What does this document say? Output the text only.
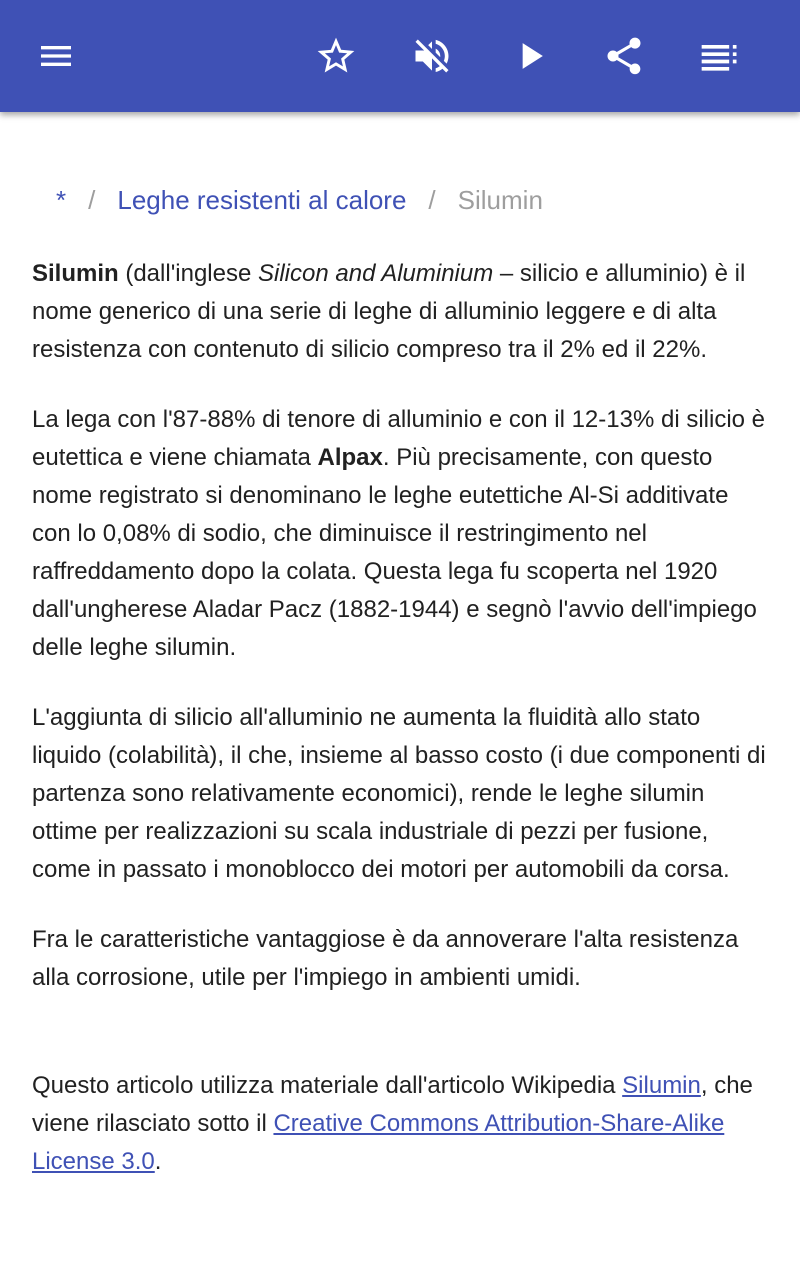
* / Leghe resistenti al calore / Silumin

Silumin (dall'inglese Silicon and Aluminium – silicio e alluminio) è il nome generico di una serie di leghe di alluminio leggere e di alta resistenza con contenuto di silicio compreso tra il 2% ed il 22%.

La lega con l'87-88% di tenore di alluminio e con il 12-13% di silicio è eutettica e viene chiamata Alpax. Più precisamente, con questo nome registrato si denominano le leghe eutettiche Al-Si additivate con lo 0,08% di sodio, che diminuisce il restringimento nel raffreddamento dopo la colata. Questa lega fu scoperta nel 1920 dall'ungherese Aladar Pacz (1882-1944) e segnò l'avvio dell'impiego delle leghe silumin.

L'aggiunta di silicio all'alluminio ne aumenta la fluidità allo stato liquido (colabilità), il che, insieme al basso costo (i due componenti di partenza sono relativamente economici), rende le leghe silumin ottime per realizzazioni su scala industriale di pezzi per fusione, come in passato i monoblocco dei motori per automobili da corsa.

Fra le caratteristiche vantaggiose è da annoverare l'alta resistenza alla corrosione, utile per l'impiego in ambienti umidi.

Questo articolo utilizza materiale dall'articolo Wikipedia Silumin, che viene rilasciato sotto il Creative Commons Attribution-Share-Alike License 3.0.
